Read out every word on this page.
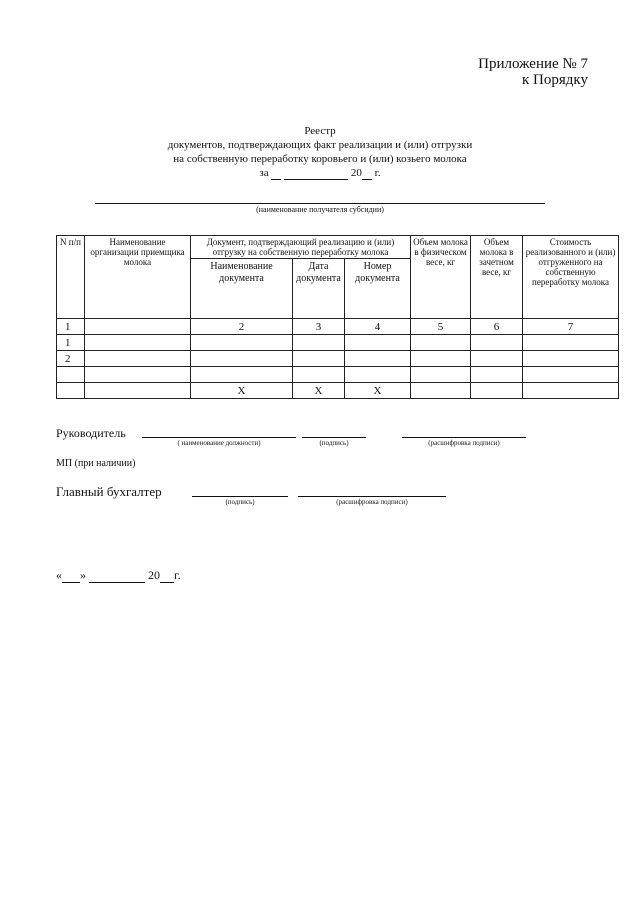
Приложение № 7
к Порядку
Реестр
документов, подтверждающих факт реализации и (или) отгрузки
на собственную переработку коровьего и (или) козьего молока
за	20 г.
(наименование получателя субсидии)
N п/п	Наименование организации приемщика молока	Документ, подтверждающий реализацию и (или) отгрузку на собственную переработку молока			Объем молока в физическом весе, кг	Объем молока в зачетном весе, кг	Стоимость реализованного и (или) отгруженного на собственную переработку молока
		Наименование документа	Дата документа	Номер документа			
1		2	3	4	5	6	7
1							
2							

		X	X	X			
Руководитель
( наименование должности)	(подпись)	(расшифровка подписи)
МП (при наличии)
Главный бухгалтер
(подпись)	(расшифровка подписи)
« »	20 г.
